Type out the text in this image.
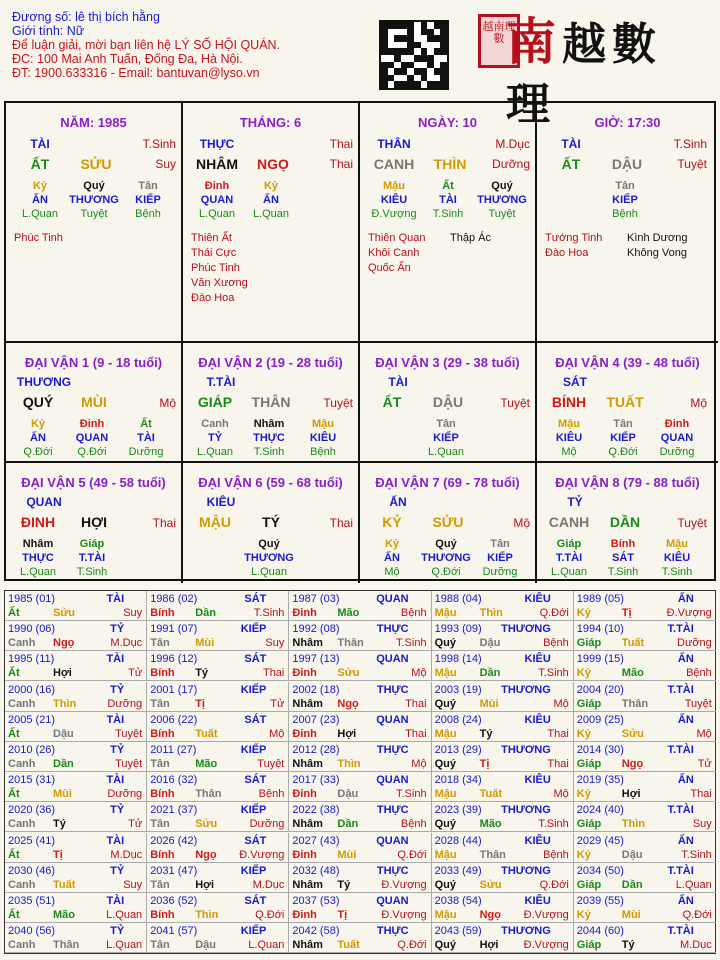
Đương số: lê thị bích hằng
Giới tính: Nữ
Để luận giải, mời bạn liên hệ LÝ SỐ HỘI QUÁN.
ĐC: 100 Mai Anh Tuấn, Đống Đa, Hà Nội.
ĐT: 1900.633316 - Email: bantuvan@lyso.vn
越南理數 南越數理
NĂM: 1985
TÀI	T.Sinh
ẤT	SỬU	Suy
Kỷ	Quý	Tân
ẤN	THƯƠNG	KIẾP
L.Quan	Tuyệt	Bệnh
Phúc Tinh
THÁNG: 6
THỰC	Thai
NHÂM	NGỌ	Thai
Đinh	Kỷ
QUAN	ẤN
L.Quan	L.Quan
Thiên Ất
Thái Cực
Phúc Tinh
Văn Xương
Đào Hoa
NGÀY: 10
THÂN	M.Dục
CANH	THÌN	Dưỡng
Mậu	Ất	Quý
KIÊU	TÀI	THƯƠNG
Đ.Vượng	T.Sinh	Tuyệt
Thiên Quan
Khôi Canh
Quốc Ấn
Thập Ác
GIỜ: 17:30
TÀI	T.Sinh
ẤT	DẬU	Tuyệt
Tân
KIẾP
Bệnh
Tướng Tinh
Đào Hoa
Kình Dương
Không Vong
ĐẠI VẬN 1 (9 - 18 tuổi)
THƯƠNG
QUÝ	MÙI	Mộ
Kỷ	Đinh	Ất
ẤN	QUAN	TÀI
Q.Đới	Q.Đới	Dưỡng
ĐẠI VẬN 2 (19 - 28 tuổi)
T.TÀI
GIÁP	THÂN	Tuyệt
Canh	Nhâm	Mậu
TỶ	THỰC	KIÊU
L.Quan	T.Sinh	Bệnh
ĐẠI VẬN 3 (29 - 38 tuổi)
TÀI
ẤT	DẬU	Tuyệt
Tân
KIẾP
L.Quan
ĐẠI VẬN 4 (39 - 48 tuổi)
SÁT
BÍNH	TUẤT	Mộ
Mậu	Tân	Đinh
KIÊU	KIẾP	QUAN
Mộ	Q.Đới	Dưỡng
ĐẠI VẬN 5 (49 - 58 tuổi)
QUAN
ĐINH	HỢI	Thai
Nhâm	Giáp
THỰC	T.TÀI
L.Quan	T.Sinh
ĐẠI VẬN 6 (59 - 68 tuổi)
KIÊU
MẬU	TÝ	Thai
Quý
THƯƠNG
L.Quan
ĐẠI VẬN 7 (69 - 78 tuổi)
ẤN
KỶ	SỬU	Mộ
Kỷ	Quý	Tân
ẤN	THƯƠNG	KIẾP
Mộ	Q.Đới	Dưỡng
ĐẠI VẬN 8 (79 - 88 tuổi)
TỶ
CANH	DẦN	Tuyệt
Giáp	Bính	Mậu
T.TÀI	SÁT	KIÊU
L.Quan	T.Sinh	T.Sinh
1985 (01)	TÀI
Ất	Sửu	Suy
1986 (02)	SÁT
Bính Dần	T.Sinh
1987 (03)	QUAN
Đinh Mão	Bệnh
1988 (04)	KIÊU
Mậu Thìn	Q.Đới
1989 (05)	ẤN
Kỷ	Tị	Đ.Vượng
1990 (06)	TỶ
Canh Ngọ	M.Dục
1991 (07)	KIẾP
Tân Mùi	Suy
1992 (08)	THỰC
Nhâm Thân	T.Sinh
1993 (09) THƯƠNG
Quý Dậu	Bệnh
1994 (10)	T.TÀI
Giáp Tuất	Dưỡng
1995 (11)	TÀI
Ất	Hợi	Tử
1996 (12)	SÁT
Bính Tý	Thai
1997 (13)	QUAN
Đinh Sửu	Mộ
1998 (14)	KIÊU
Mậu Dần	T.Sinh
1999 (15)	ẤN
Kỷ	Mão	Bệnh
2000 (16)	TỶ
Canh Thìn	Dưỡng
2001 (17)	KIẾP
Tân Tị	Tử
2002 (18)	THỰC
Nhâm Ngọ	Thai
2003 (19) THƯƠNG
Quý Mùi	Mộ
2004 (20)	T.TÀI
Giáp Thân	Tuyệt
2005 (21)	TÀI
Ất	Dậu	Tuyệt
2006 (22)	SÁT
Bính Tuất	Mộ
2007 (23)	QUAN
Đinh Hợi	Thai
2008 (24)	KIÊU
Mậu Tý	Thai
2009 (25)	ẤN
Kỷ	Sửu	Mộ
2010 (26)	TỶ
Canh Dần	Tuyệt
2011 (27)	KIẾP
Tân Mão	Tuyệt
2012 (28)	THỰC
Nhâm Thìn	Mộ
2013 (29) THƯƠNG
Quý Tị	Thai
2014 (30)	T.TÀI
Giáp Ngọ	Tử
2015 (31)	TÀI
Ất	Mùi	Dưỡng
2016 (32)	SÁT
Bính Thân	Bệnh
2017 (33)	QUAN
Đinh Dậu	T.Sinh
2018 (34)	KIÊU
Mậu Tuất	Mộ
2019 (35)	ẤN
Kỷ	Hợi	Thai
2020 (36)	TỶ
Canh Tý	Tử
2021 (37)	KIẾP
Tân Sửu	Dưỡng
2022 (38)	THỰC
Nhâm Dần	Bệnh
2023 (39) THƯƠNG
Quý Mão	T.Sinh
2024 (40)	T.TÀI
Giáp Thìn	Suy
2025 (41)	TÀI
Ất	Tị	M.Dục
2026 (42)	SÁT
Bính Ngọ Đ.Vượng
2027 (43)	QUAN
Đinh Mùi	Q.Đới
2028 (44)	KIÊU
Mậu Thân	Bệnh
2029 (45)	ẤN
Kỷ	Dậu	T.Sinh
2030 (46)	TỶ
Canh Tuất	Suy
2031 (47)	KIẾP
Tân Hợi	M.Dục
2032 (48)	THỰC
Nhâm Tý	Đ.Vượng
2033 (49) THƯƠNG
Quý Sửu	Q.Đới
2034 (50)	T.TÀI
Giáp Dần	L.Quan
2035 (51)	TÀI
Ất	Mão	L.Quan
2036 (52)	SÁT
Bính Thìn	Q.Đới
2037 (53)	QUAN
Đinh Tị	Đ.Vượng
2038 (54)	KIÊU
Mậu Ngọ Đ.Vượng
2039 (55)	ẤN
Kỷ	Mùi	Q.Đới
2040 (56)	TỶ
Canh Thân L.Quan
2041 (57)	KIẾP
Tân Dậu	L.Quan
2042 (58)	THỰC
Nhâm Tuất	Q.Đới
2043 (59) THƯƠNG
Quý Hợi Đ.Vượng
2044 (60)	T.TÀI
Giáp Tý	M.Dục
